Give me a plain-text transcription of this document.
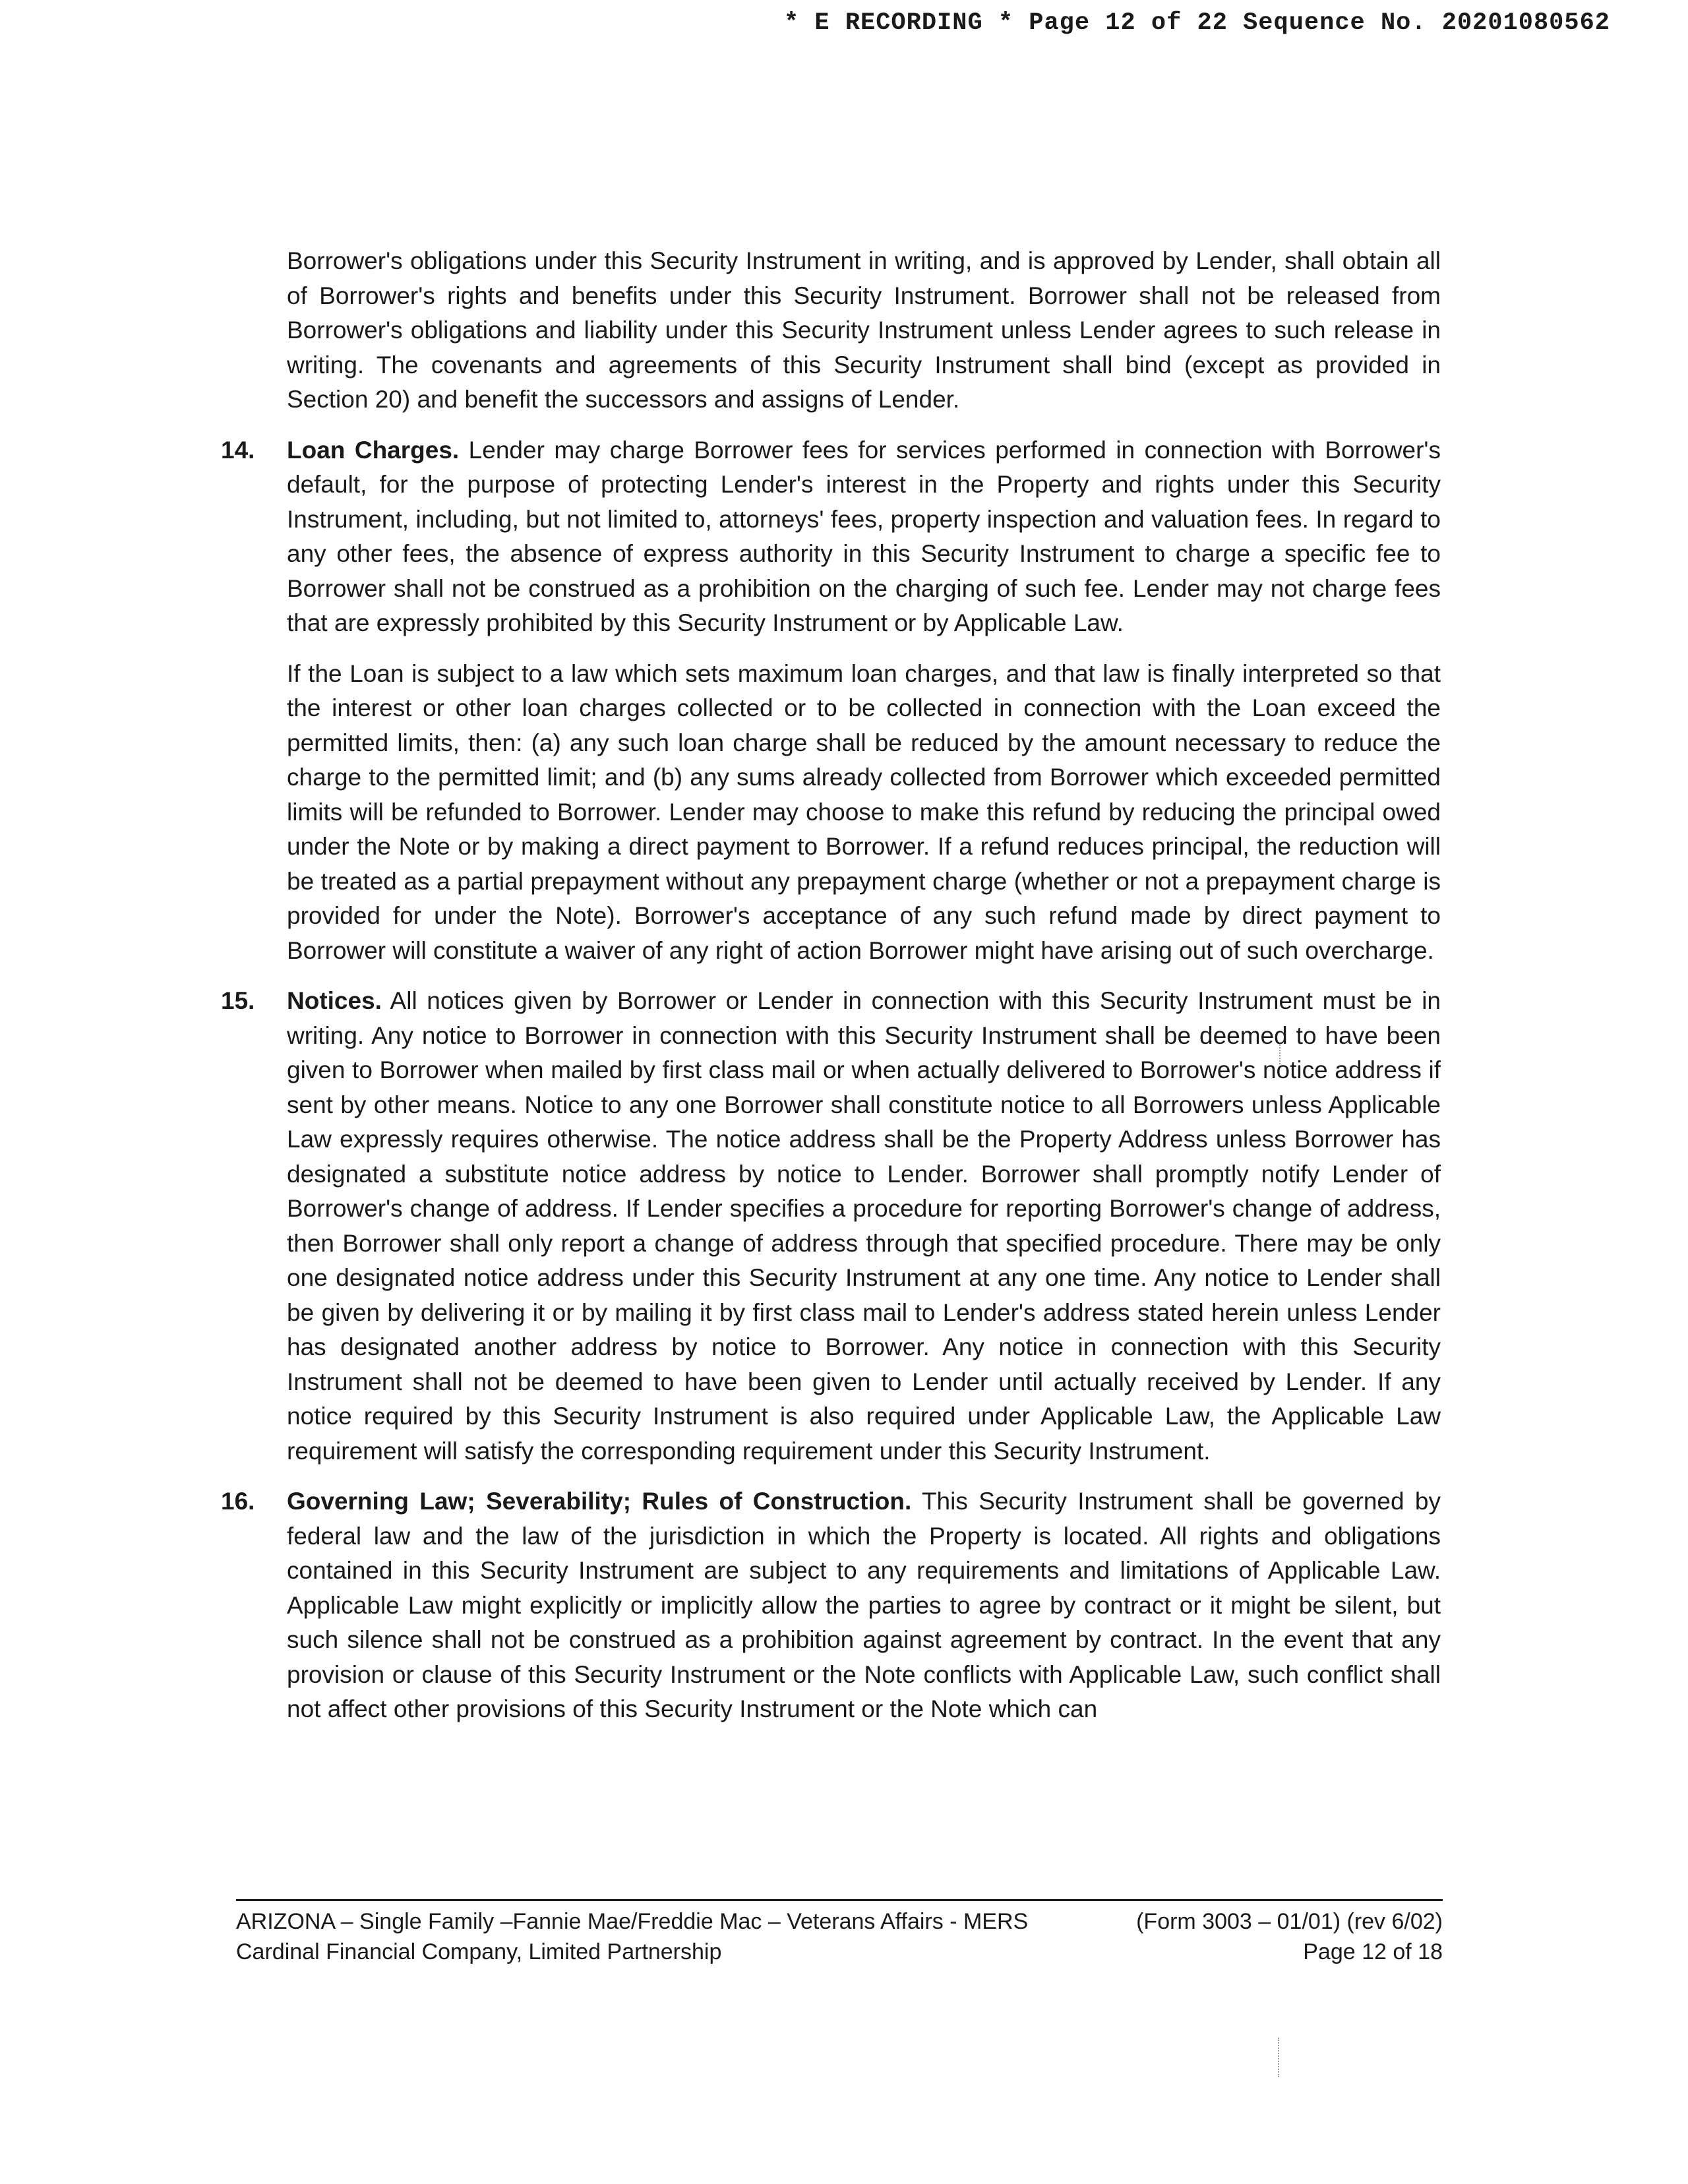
* E RECORDING * Page 12 of 22 Sequence No. 20201080562

Borrower's obligations under this Security Instrument in writing, and is approved by Lender, shall obtain all of Borrower's rights and benefits under this Security Instrument. Borrower shall not be released from Borrower's obligations and liability under this Security Instrument unless Lender agrees to such release in writing. The covenants and agreements of this Security Instrument shall bind (except as provided in Section 20) and benefit the successors and assigns of Lender.

14. Loan Charges. Lender may charge Borrower fees for services performed in connection with Borrower's default, for the purpose of protecting Lender's interest in the Property and rights under this Security Instrument, including, but not limited to, attorneys' fees, property inspection and valuation fees. In regard to any other fees, the absence of express authority in this Security Instrument to charge a specific fee to Borrower shall not be construed as a prohibition on the charging of such fee. Lender may not charge fees that are expressly prohibited by this Security Instrument or by Applicable Law.

If the Loan is subject to a law which sets maximum loan charges, and that law is finally interpreted so that the interest or other loan charges collected or to be collected in connection with the Loan exceed the permitted limits, then: (a) any such loan charge shall be reduced by the amount necessary to reduce the charge to the permitted limit; and (b) any sums already collected from Borrower which exceeded permitted limits will be refunded to Borrower. Lender may choose to make this refund by reducing the principal owed under the Note or by making a direct payment to Borrower. If a refund reduces principal, the reduction will be treated as a partial prepayment without any prepayment charge (whether or not a prepayment charge is provided for under the Note). Borrower's acceptance of any such refund made by direct payment to Borrower will constitute a waiver of any right of action Borrower might have arising out of such overcharge.

15. Notices. All notices given by Borrower or Lender in connection with this Security Instrument must be in writing. Any notice to Borrower in connection with this Security Instrument shall be deemed to have been given to Borrower when mailed by first class mail or when actually delivered to Borrower's notice address if sent by other means. Notice to any one Borrower shall constitute notice to all Borrowers unless Applicable Law expressly requires otherwise. The notice address shall be the Property Address unless Borrower has designated a substitute notice address by notice to Lender. Borrower shall promptly notify Lender of Borrower's change of address. If Lender specifies a procedure for reporting Borrower's change of address, then Borrower shall only report a change of address through that specified procedure. There may be only one designated notice address under this Security Instrument at any one time. Any notice to Lender shall be given by delivering it or by mailing it by first class mail to Lender's address stated herein unless Lender has designated another address by notice to Borrower. Any notice in connection with this Security Instrument shall not be deemed to have been given to Lender until actually received by Lender. If any notice required by this Security Instrument is also required under Applicable Law, the Applicable Law requirement will satisfy the corresponding requirement under this Security Instrument.

16. Governing Law; Severability; Rules of Construction. This Security Instrument shall be governed by federal law and the law of the jurisdiction in which the Property is located. All rights and obligations contained in this Security Instrument are subject to any requirements and limitations of Applicable Law. Applicable Law might explicitly or implicitly allow the parties to agree by contract or it might be silent, but such silence shall not be construed as a prohibition against agreement by contract. In the event that any provision or clause of this Security Instrument or the Note conflicts with Applicable Law, such conflict shall not affect other provisions of this Security Instrument or the Note which can

ARIZONA – Single Family –Fannie Mae/Freddie Mac – Veterans Affairs - MERS	(Form 3003 – 01/01) (rev 6/02)
Cardinal Financial Company, Limited Partnership	Page 12 of 18
